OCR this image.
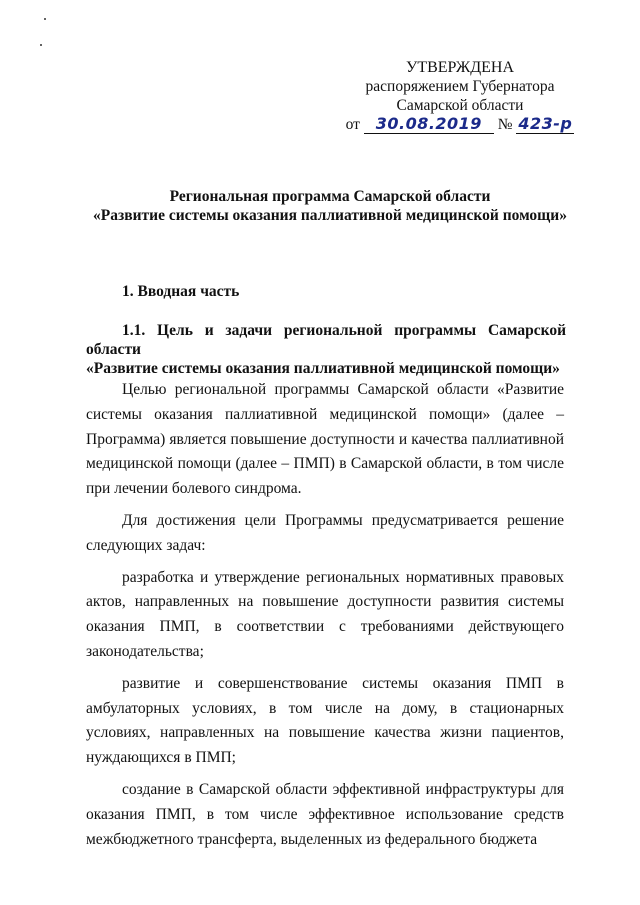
УТВЕРЖДЕНА
распоряжением Губернатора
Самарской области
от 30.08.2019 № 423-р
Региональная программа Самарской области
«Развитие системы оказания паллиативной медицинской помощи»
1. Вводная часть
1.1. Цель и задачи региональной программы Самарской области
«Развитие системы оказания паллиативной медицинской помощи»

Целью региональной программы Самарской области «Развитие системы оказания паллиативной медицинской помощи» (далее – Программа) является повышение доступности и качества паллиативной медицинской помощи (далее – ПМП) в Самарской области, в том числе при лечении болевого синдрома.

Для достижения цели Программы предусматривается решение следующих задач:

разработка и утверждение региональных нормативных правовых актов, направленных на повышение доступности развития системы оказания ПМП, в соответствии с требованиями действующего законодательства;

развитие и совершенствование системы оказания ПМП в амбулаторных условиях, в том числе на дому, в стационарных условиях, направленных на повышение качества жизни пациентов, нуждающихся в ПМП;

создание в Самарской области эффективной инфраструктуры для оказания ПМП, в том числе эффективное использование средств межбюджетного трансферта, выделенных из федерального бюджета
